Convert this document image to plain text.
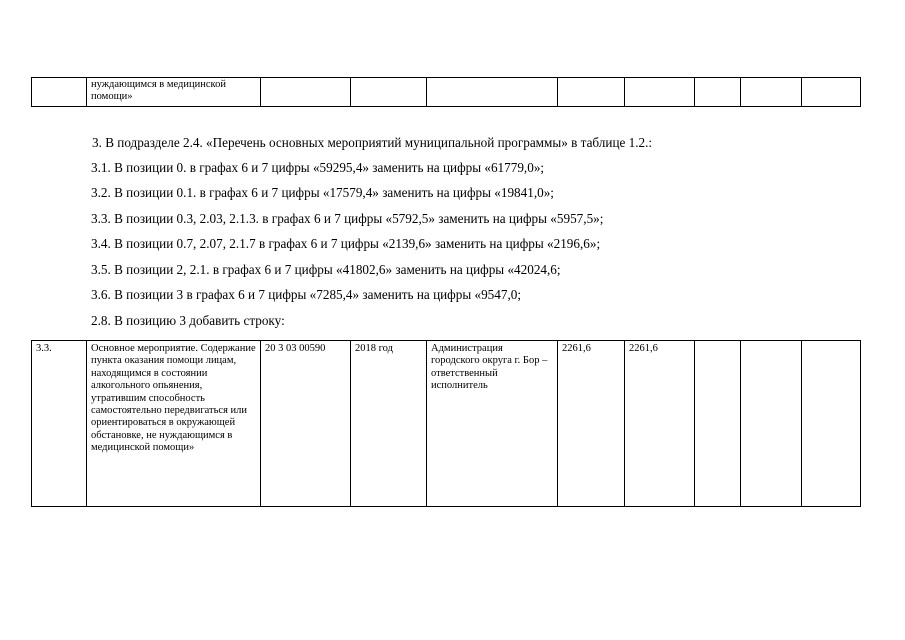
	нуждающимся в медицинской помощи»								
3. В подразделе 2.4. «Перечень основных мероприятий муниципальной программы» в таблице 1.2.:
3.1. В позиции 0. в графах 6 и 7 цифры «59295,4» заменить на цифры «61779,0»;
3.2. В позиции 0.1. в графах 6 и 7 цифры «17579,4» заменить на цифры «19841,0»;
3.3. В позиции 0.3, 2.03, 2.1.3. в графах 6 и 7 цифры «5792,5» заменить на цифры «5957,5»;
3.4. В позиции 0.7, 2.07, 2.1.7 в графах 6 и 7 цифры «2139,6» заменить на цифры «2196,6»;
3.5. В позиции 2, 2.1. в графах 6 и 7 цифры «41802,6» заменить на цифры «42024,6;
3.6. В позиции 3 в графах 6 и 7 цифры «7285,4» заменить на цифры «9547,0;
2.8. В позицию 3 добавить строку:
3.3.	Основное мероприятие. Содержание пункта оказания помощи лицам, находящимся в состоянии алкогольного опьянения, утратившим способность самостоятельно передвигаться или ориентироваться в окружающей обстановке, не нуждающимся в медицинской помощи»	20 3 03 00590	2018 год	Администрация городского округа г. Бор – ответственный исполнитель	2261,6	2261,6			
